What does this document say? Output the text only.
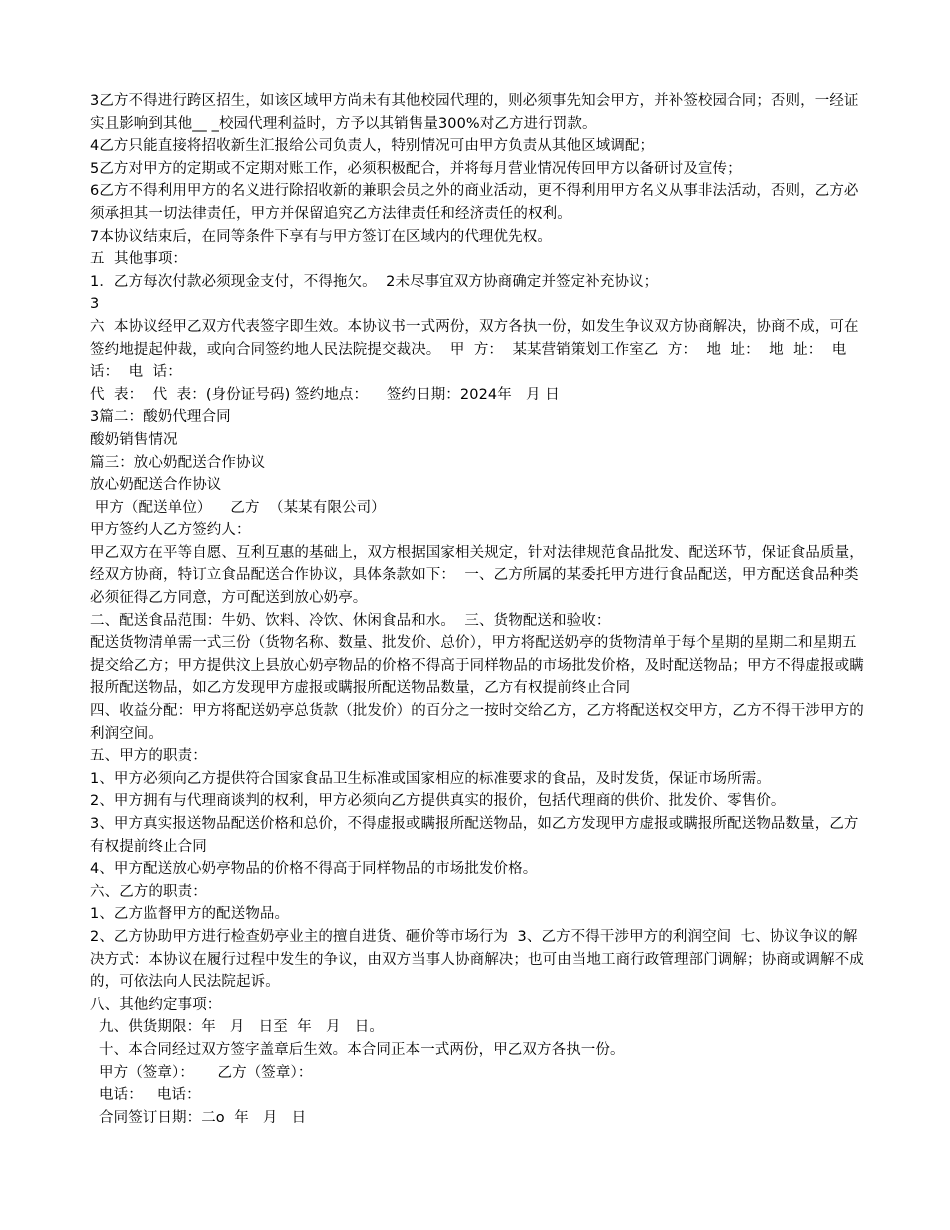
3乙方不得进行跨区招生，如该区域甲方尚未有其他校园代理的，则必须事先知会甲方，并补签校园合同；否则，一经证实且影响到其他__ _校园代理利益时，方予以其销售量300%对乙方进行罚款。

4乙方只能直接将招收新生汇报给公司负责人，特别情况可由甲方负责从其他区域调配；

5乙方对甲方的定期或不定期对账工作，必须积极配合，并将每月营业情况传回甲方以备研讨及宣传；

6乙方不得利用甲方的名义进行除招收新的兼职会员之外的商业活动，更不得利用甲方名义从事非法活动，否则，乙方必须承担其一切法律责任，甲方并保留追究乙方法律责任和经济责任的权利。

7本协议结束后，在同等条件下享有与甲方签订在区域内的代理优先权。

五  其他事项：

1．乙方每次付款必须现金支付，不得拖欠。  2未尽事宜双方协商确定并签定补充协议；

3

六  本协议经甲乙双方代表签字即生效。本协议书一式两份，双方各执一份，如发生争议双方协商解决，协商不成，可在签约地提起仲裁，或向合同签约地人民法院提交裁决。  甲  方：  某某营销策划工作室乙  方：  地  址：  地  址：  电  话：  电  话：

代  表：  代  表：(身份证号码) 签约地点：    签约日期：2024年   月 日

3篇二：酸奶代理合同

酸奶销售情况

篇三：放心奶配送合作协议

放心奶配送合作协议

甲方（配送单位）    乙方  （某某有限公司）

甲方签约人乙方签约人：

甲乙双方在平等自愿、互利互惠的基础上，双方根据国家相关规定，针对法律规范食品批发、配送环节，保证食品质量，经双方协商，特订立食品配送合作协议，具体条款如下：  一、乙方所属的某委托甲方进行食品配送，甲方配送食品种类必须征得乙方同意，方可配送到放心奶亭。

二、配送食品范围：牛奶、饮料、冷饮、休闲食品和水。  三、货物配送和验收：

配送货物清单需一式三份（货物名称、数量、批发价、总价），甲方将配送奶亭的货物清单于每个星期的星期二和星期五提交给乙方；甲方提供汶上县放心奶亭物品的价格不得高于同样物品的市场批发价格，及时配送物品；甲方不得虚报或瞒报所配送物品，如乙方发现甲方虚报或瞒报所配送物品数量，乙方有权提前终止合同

四、收益分配：甲方将配送奶亭总货款（批发价）的百分之一按时交给乙方，乙方将配送权交甲方，乙方不得干涉甲方的利润空间。

五、甲方的职责：

1、甲方必须向乙方提供符合国家食品卫生标准或国家相应的标准要求的食品，及时发货，保证市场所需。

2、甲方拥有与代理商谈判的权利，甲方必须向乙方提供真实的报价，包括代理商的供价、批发价、零售价。

3、甲方真实报送物品配送价格和总价，不得虚报或瞒报所配送物品，如乙方发现甲方虚报或瞒报所配送物品数量，乙方有权提前终止合同

4、甲方配送放心奶亭物品的价格不得高于同样物品的市场批发价格。

六、乙方的职责：

1、乙方监督甲方的配送物品。

2、乙方协助甲方进行检查奶亭业主的擅自进货、砸价等市场行为  3、乙方不得干涉甲方的利润空间  七、协议争议的解决方式：本协议在履行过程中发生的争议，由双方当事人协商解决；也可由当地工商行政管理部门调解；协商或调解不成的，可依法向人民法院起诉。

八、其他约定事项：

九、供货期限：年   月   日至  年   月   日。

十、本合同经过双方签字盖章后生效。本合同正本一式两份，甲乙双方各执一份。

甲方（签章）：     乙方（签章）：

电话：   电话：

合同签订日期：二o  年   月   日
